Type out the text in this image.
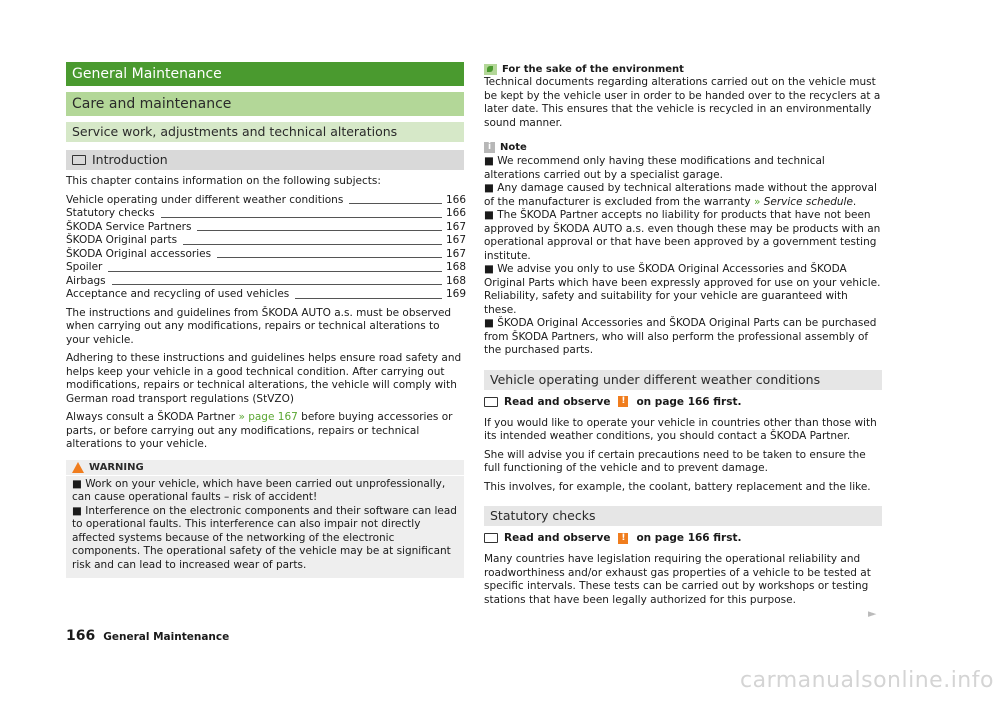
General Maintenance
Care and maintenance
Service work, adjustments and technical alterations
Introduction

This chapter contains information on the following subjects:

Vehicle operating under different weather conditions	166
Statutory checks	166
ŠKODA Service Partners	167
ŠKODA Original parts	167
ŠKODA Original accessories	167
Spoiler	168
Airbags	168
Acceptance and recycling of used vehicles	169

The instructions and guidelines from ŠKODA AUTO a.s. must be observed when carrying out any modifications, repairs or technical alterations to your vehicle.

Adhering to these instructions and guidelines helps ensure road safety and helps keep your vehicle in a good technical condition. After carrying out modifications, repairs or technical alterations, the vehicle will comply with German road transport regulations (StVZO)

Always consult a ŠKODA Partner » page 167 before buying accessories or parts, or before carrying out any modifications, repairs or technical alterations to your vehicle.

WARNING

■ Work on your vehicle, which have been carried out unprofessionally, can cause operational faults – risk of accident!

■ Interference on the electronic components and their software can lead to operational faults. This interference can also impair not directly affected systems because of the networking of the electronic components. The operational safety of the vehicle may be at significant risk and can lead to increased wear of parts.

For the sake of the environment

Technical documents regarding alterations carried out on the vehicle must be kept by the vehicle user in order to be handed over to the recyclers at a later date. This ensures that the vehicle is recycled in an environmentally sound manner.

i Note

■ We recommend only having these modifications and technical alterations carried out by a specialist garage.

■ Any damage caused by technical alterations made without the approval of the manufacturer is excluded from the warranty » Service schedule.

■ The ŠKODA Partner accepts no liability for products that have not been approved by ŠKODA AUTO a.s. even though these may be products with an operational approval or that have been approved by a government testing institute.

■ We advise you only to use ŠKODA Original Accessories and ŠKODA Original Parts which have been expressly approved for use on your vehicle. Reliability, safety and suitability for your vehicle are guaranteed with these.

■ ŠKODA Original Accessories and ŠKODA Original Parts can be purchased from ŠKODA Partners, who will also perform the professional assembly of the purchased parts.

Vehicle operating under different weather conditions
Read and observe	! on page 166 first.

If you would like to operate your vehicle in countries other than those with its intended weather conditions, you should contact a ŠKODA Partner.

She will advise you if certain precautions need to be taken to ensure the full functioning of the vehicle and to prevent damage.

This involves, for example, the coolant, battery replacement and the like.

Statutory checks
Read and observe	! on page 166 first.

Many countries have legislation requiring the operational reliability and roadworthiness and/or exhaust gas properties of a vehicle to be tested at specific intervals. These tests can be carried out by workshops or testing stations that have been legally authorized for this purpose.

►
166 General Maintenance
carmanualsonline.info
